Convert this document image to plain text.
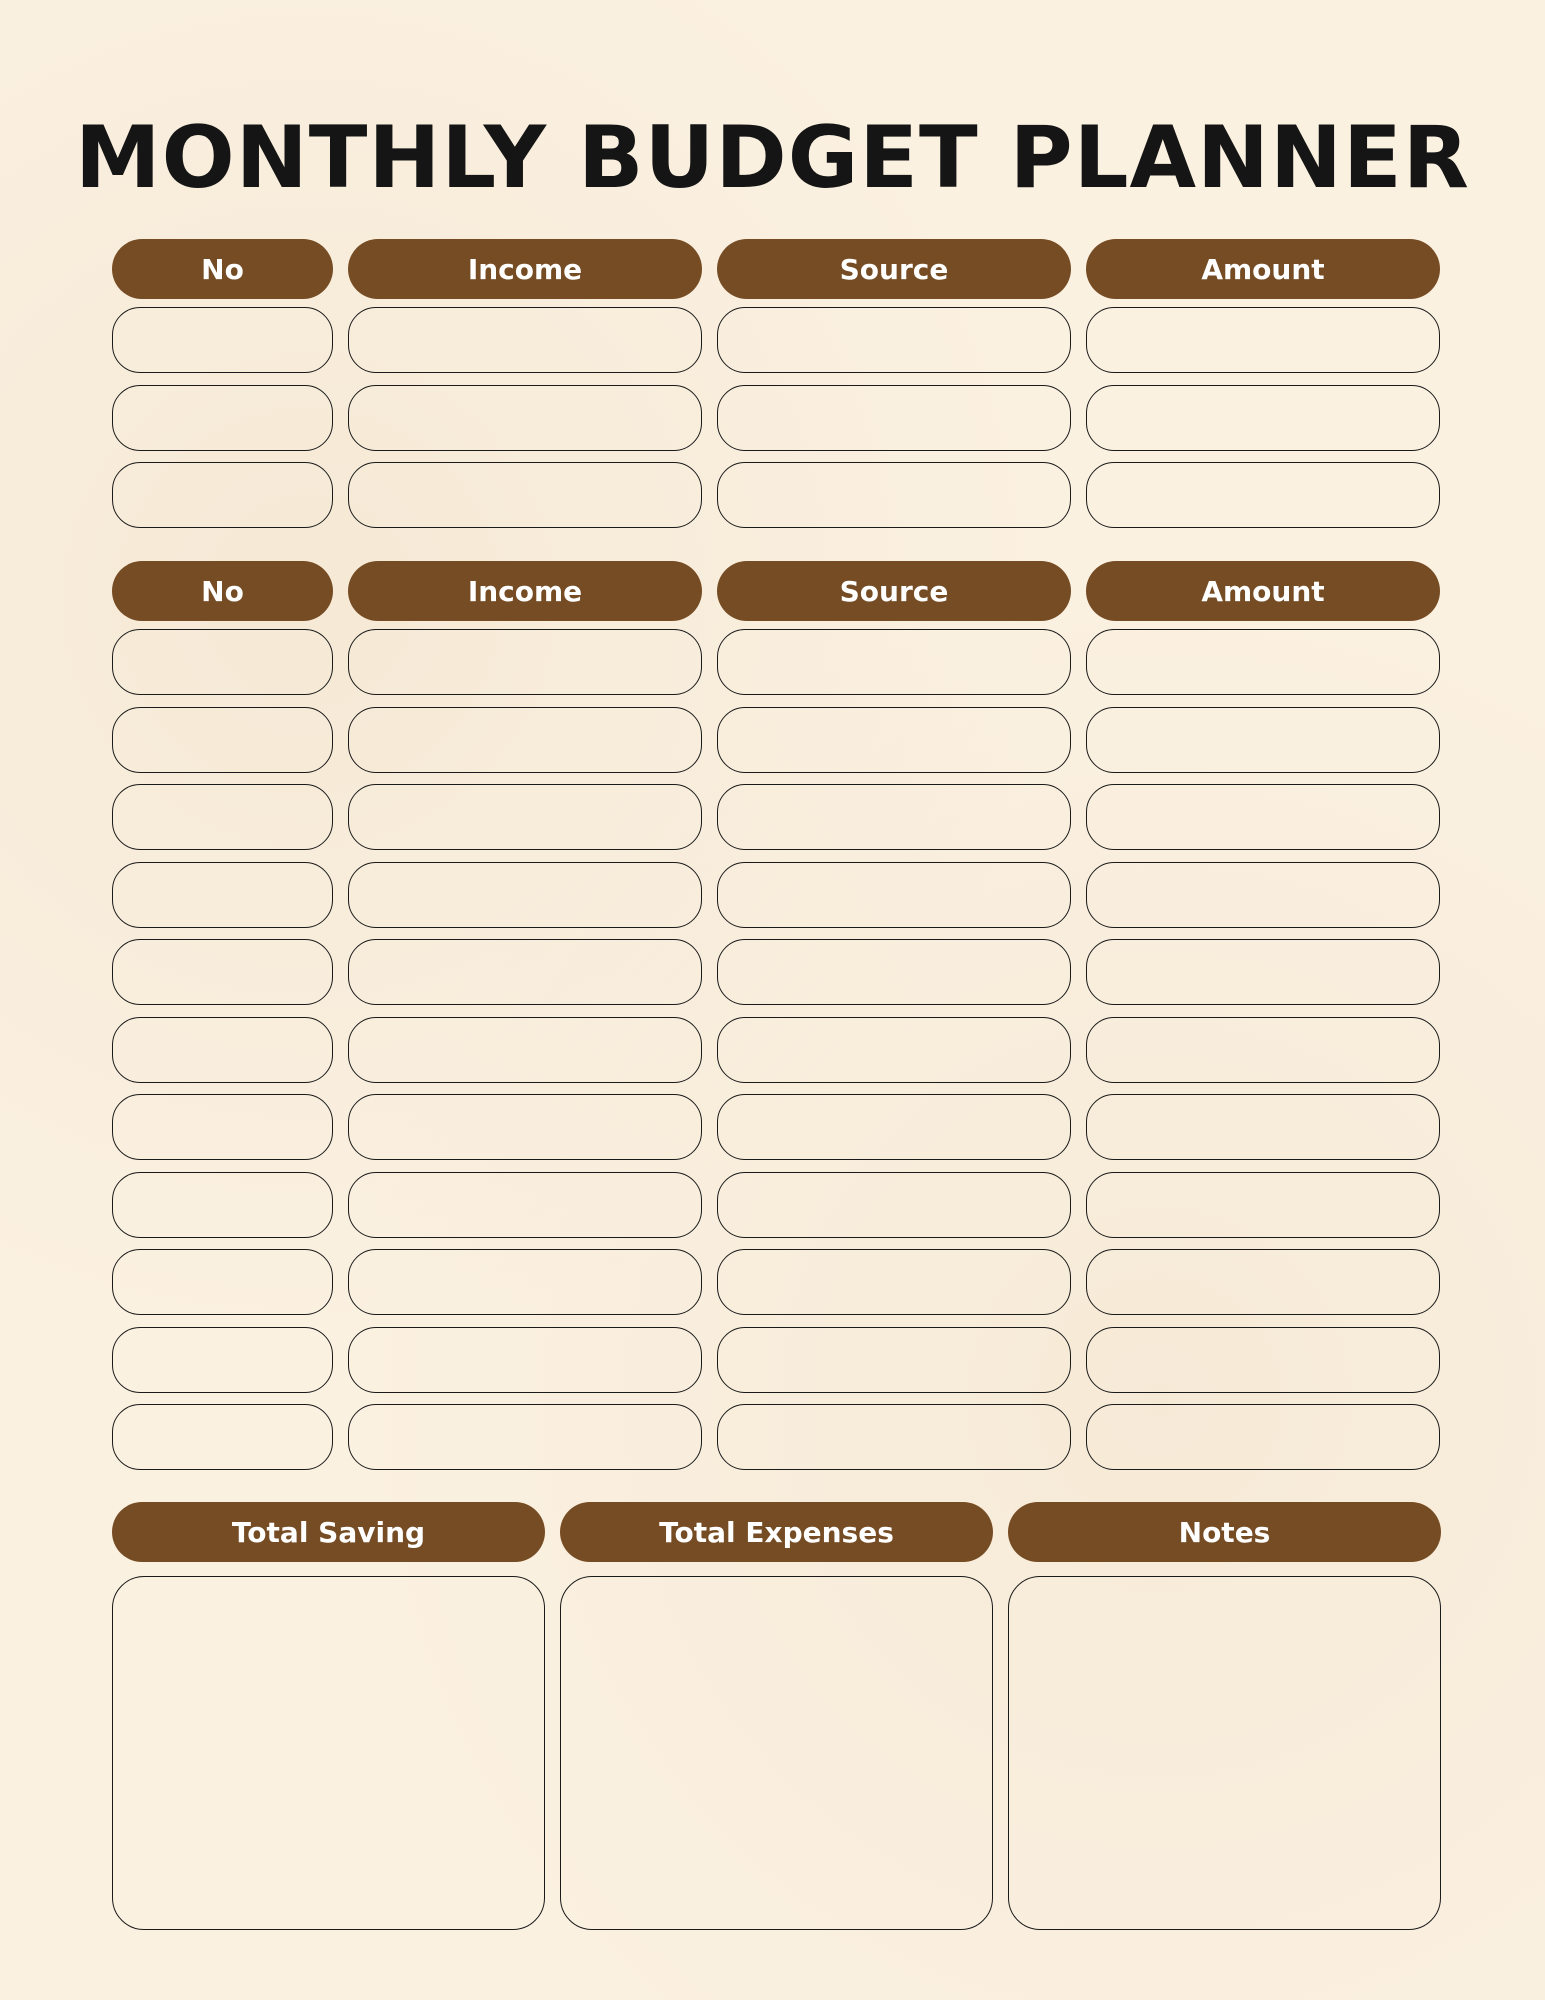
MONTHLY BUDGET PLANNER
No	Income	Source	Amount
No	Income	Source	Amount
Total Saving	Total Expenses	Notes
